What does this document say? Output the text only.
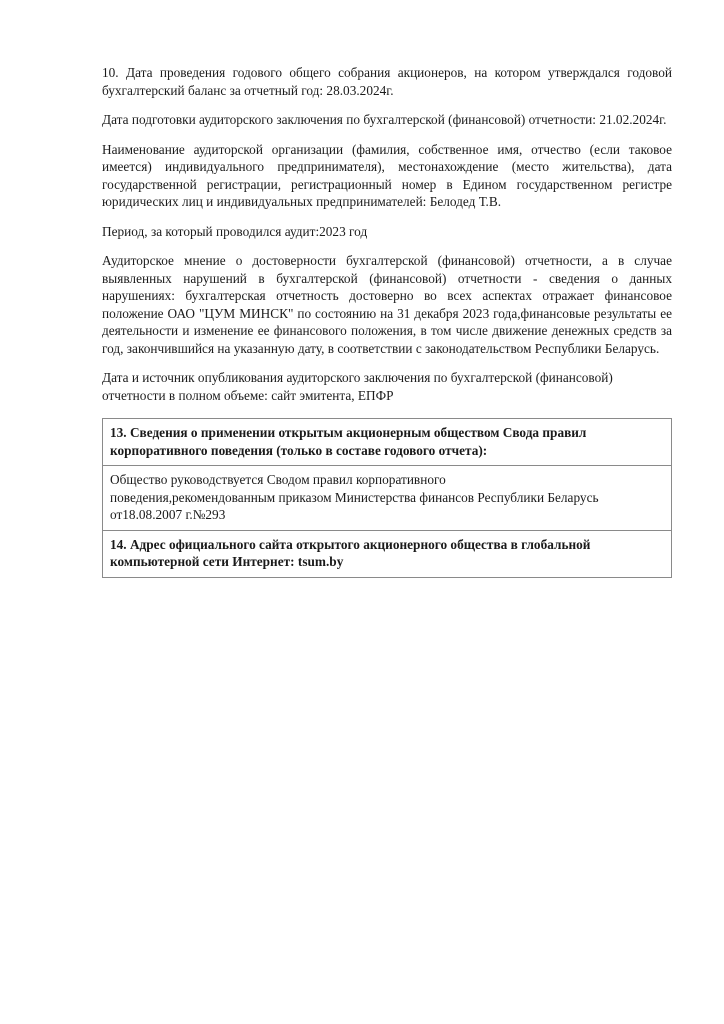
10. Дата проведения годового общего собрания акционеров, на котором утверждался годовой бухгалтерский баланс за отчетный год: 28.03.2024г.

Дата подготовки аудиторского заключения по бухгалтерской (финансовой) отчетности: 21.02.2024г.

Наименование аудиторской организации (фамилия, собственное имя, отчество (если таковое имеется) индивидуального предпринимателя), местонахождение (место жительства), дата государственной регистрации, регистрационный номер в Едином государственном регистре юридических лиц и индивидуальных предпринимателей: Белодед Т.В.

Период, за который проводился аудит:2023 год

Аудиторское мнение о достоверности бухгалтерской (финансовой) отчетности, а в случае выявленных нарушений в бухгалтерской (финансовой) отчетности - сведения о данных нарушениях: бухгалтерская отчетность достоверно во всех аспектах отражает финансовое положение ОАО "ЦУМ МИНСК" по состоянию на 31 декабря 2023 года,финансовые результаты ее деятельности и изменение ее финансового положения, в том числе движение денежных средств за год, закончившийся на указанную дату, в соответствии с законодательством Республики Беларусь.

Дата и источник опубликования аудиторского заключения по бухгалтерской (финансовой) отчетности в полном объеме: сайт эмитента, ЕПФР

13. Сведения о применении открытым акционерным обществом Свода правил корпоративного поведения (только в составе годового отчета):

Общество руководствуется Сводом правил корпоративного
поведения,рекомендованным приказом Министерства финансов Республики Беларусь
от18.08.2007 г.№293

14. Адрес официального сайта открытого акционерного общества в глобальной компьютерной сети Интернет: tsum.by
